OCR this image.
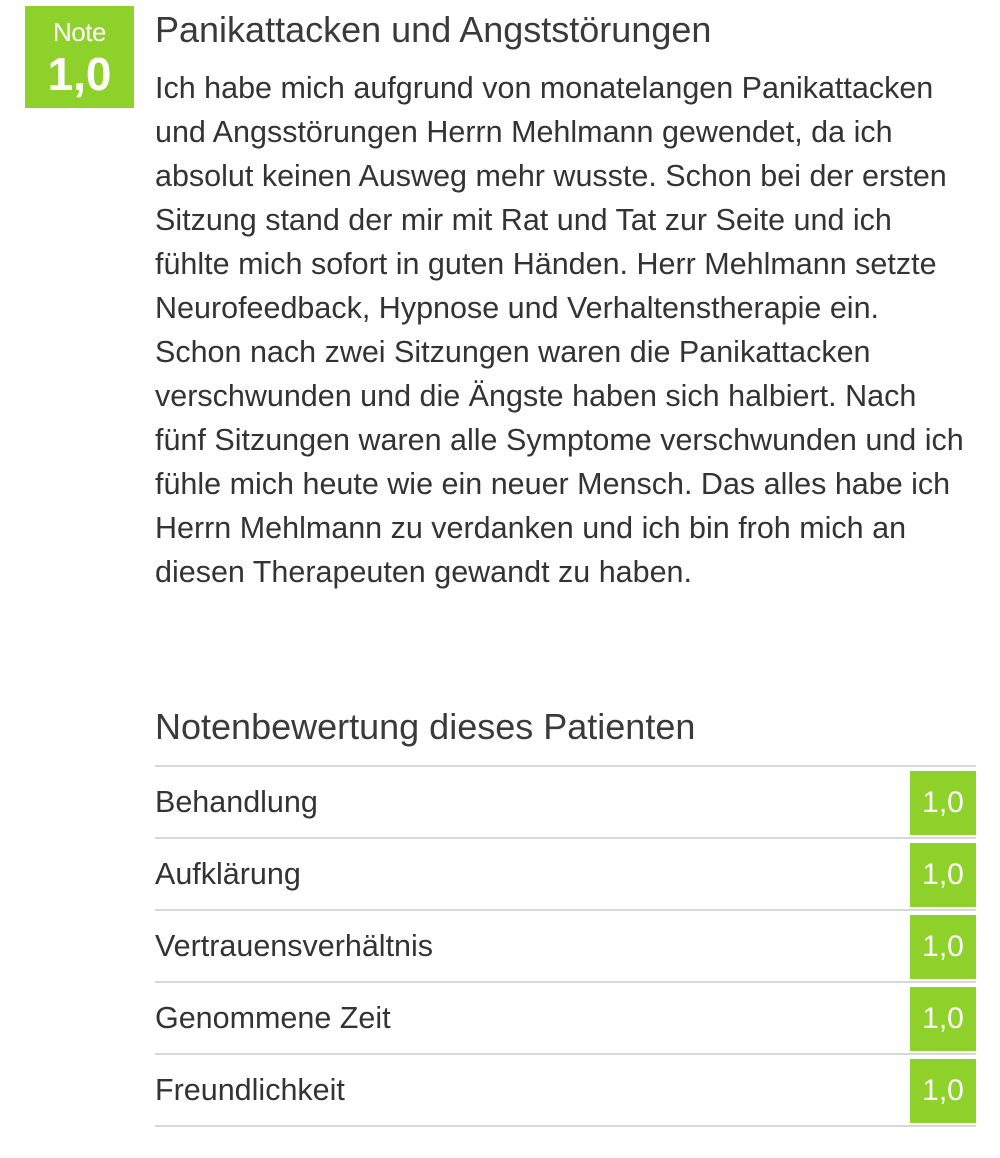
Note
1,0
Panikattacken und Angststörungen

Ich habe mich aufgrund von monatelangen Panikattacken und Angsstörungen Herrn Mehlmann gewendet, da ich absolut keinen Ausweg mehr wusste. Schon bei der ersten Sitzung stand der mir mit Rat und Tat zur Seite und ich fühlte mich sofort in guten Händen. Herr Mehlmann setzte Neurofeedback, Hypnose und Verhaltenstherapie ein. Schon nach zwei Sitzungen waren die Panikattacken verschwunden und die Ängste haben sich halbiert. Nach fünf Sitzungen waren alle Symptome verschwunden und ich fühle mich heute wie ein neuer Mensch. Das alles habe ich Herrn Mehlmann zu verdanken und ich bin froh mich an diesen Therapeuten gewandt zu haben.

Notenbewertung dieses Patienten
Behandlung	1,0
Aufklärung	1,0
Vertrauensverhältnis	1,0
Genommene Zeit	1,0
Freundlichkeit	1,0
